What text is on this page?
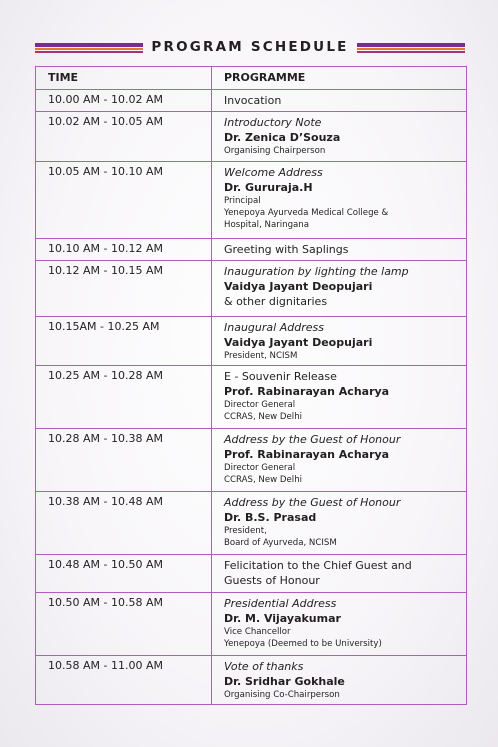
PROGRAM SCHEDULE
TIME	PROGRAMME
10.00 AM - 10.02 AM	Invocation

10.02 AM - 10.05 AM	Introductory Note
Dr. Zenica D’Souza
Organising Chairperson

10.05 AM - 10.10 AM	Welcome Address
Dr. Gururaja.H
Principal
Yenepoya Ayurveda Medical College &
Hospital, Naringana

10.10 AM - 10.12 AM	Greeting with Saplings

10.12 AM - 10.15 AM	Inauguration by lighting the lamp
Vaidya Jayant Deopujari
& other dignitaries

10.15AM - 10.25 AM	Inaugural Address
Vaidya Jayant Deopujari
President, NCISM

10.25 AM - 10.28 AM	E - Souvenir Release
Prof. Rabinarayan Acharya
Director General
CCRAS, New Delhi

10.28 AM - 10.38 AM	Address by the Guest of Honour
Prof. Rabinarayan Acharya
Director General
CCRAS, New Delhi

10.38 AM - 10.48 AM	Address by the Guest of Honour
Dr. B.S. Prasad
President,
Board of Ayurveda, NCISM

10.48 AM - 10.50 AM	Felicitation to the Chief Guest and
Guests of Honour

10.50 AM - 10.58 AM	Presidential Address
Dr. M. Vijayakumar
Vice Chancellor
Yenepoya (Deemed to be University)

10.58 AM - 11.00 AM	Vote of thanks
Dr. Sridhar Gokhale
Organising Co-Chairperson
